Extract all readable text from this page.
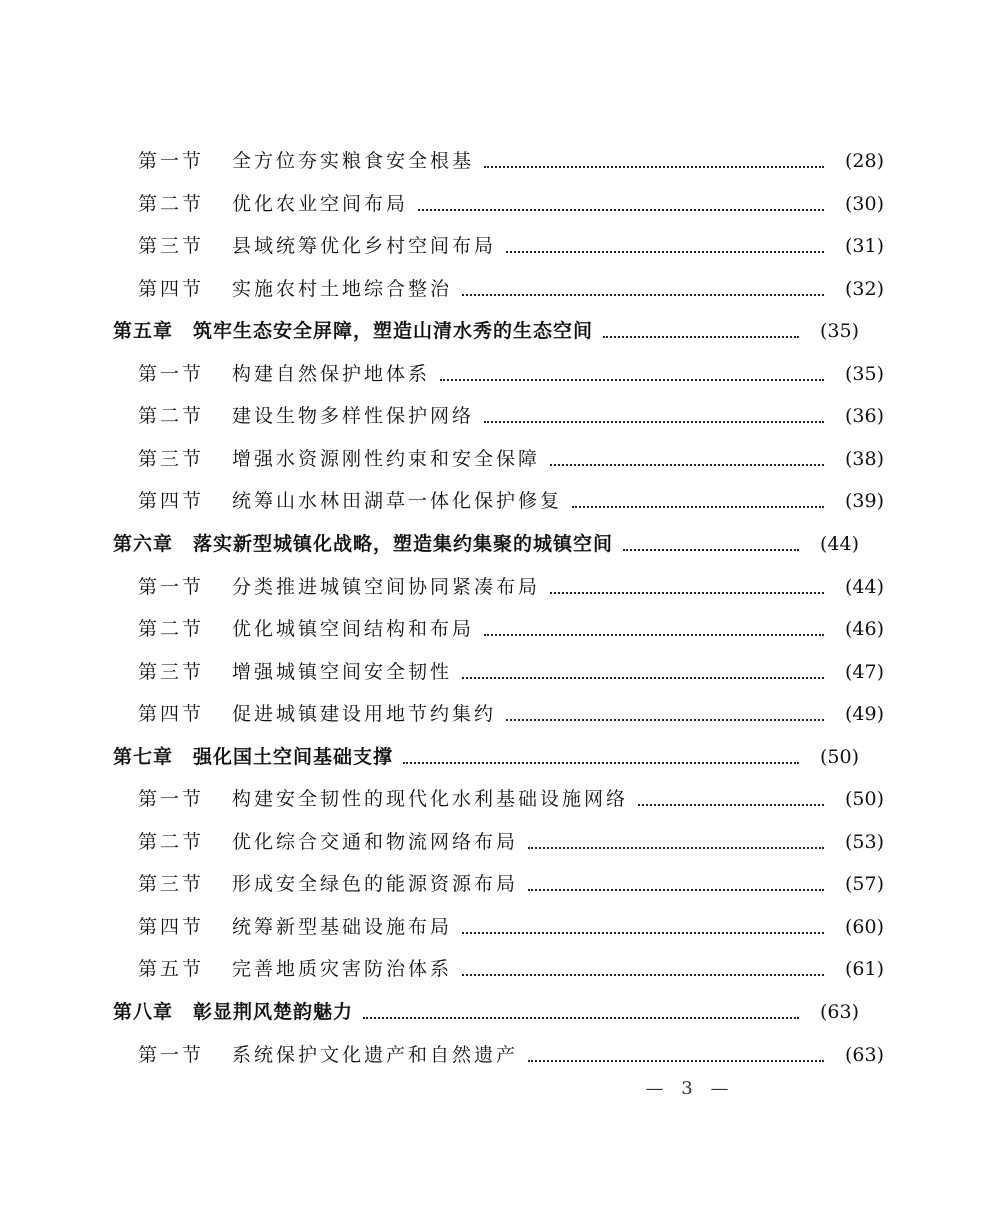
第一节 全方位夯实粮食安全根基	(28)
第二节 优化农业空间布局	(30)
第三节 县域统筹优化乡村空间布局	(31)
第四节 实施农村土地综合整治	(32)
第五章 筑牢生态安全屏障，塑造山清水秀的生态空间	(35)
第一节 构建自然保护地体系	(35)
第二节 建设生物多样性保护网络	(36)
第三节 增强水资源刚性约束和安全保障	(38)
第四节 统筹山水林田湖草一体化保护修复	(39)
第六章 落实新型城镇化战略，塑造集约集聚的城镇空间	(44)
第一节 分类推进城镇空间协同紧凑布局	(44)
第二节 优化城镇空间结构和布局	(46)
第三节 增强城镇空间安全韧性	(47)
第四节 促进城镇建设用地节约集约	(49)
第七章 强化国土空间基础支撑	(50)
第一节 构建安全韧性的现代化水利基础设施网络	(50)
第二节 优化综合交通和物流网络布局	(53)
第三节 形成安全绿色的能源资源布局	(57)
第四节 统筹新型基础设施布局	(60)
第五节 完善地质灾害防治体系	(61)
第八章 彰显荆风楚韵魅力	(63)
第一节 系统保护文化遗产和自然遗产	(63)
— 3 —
